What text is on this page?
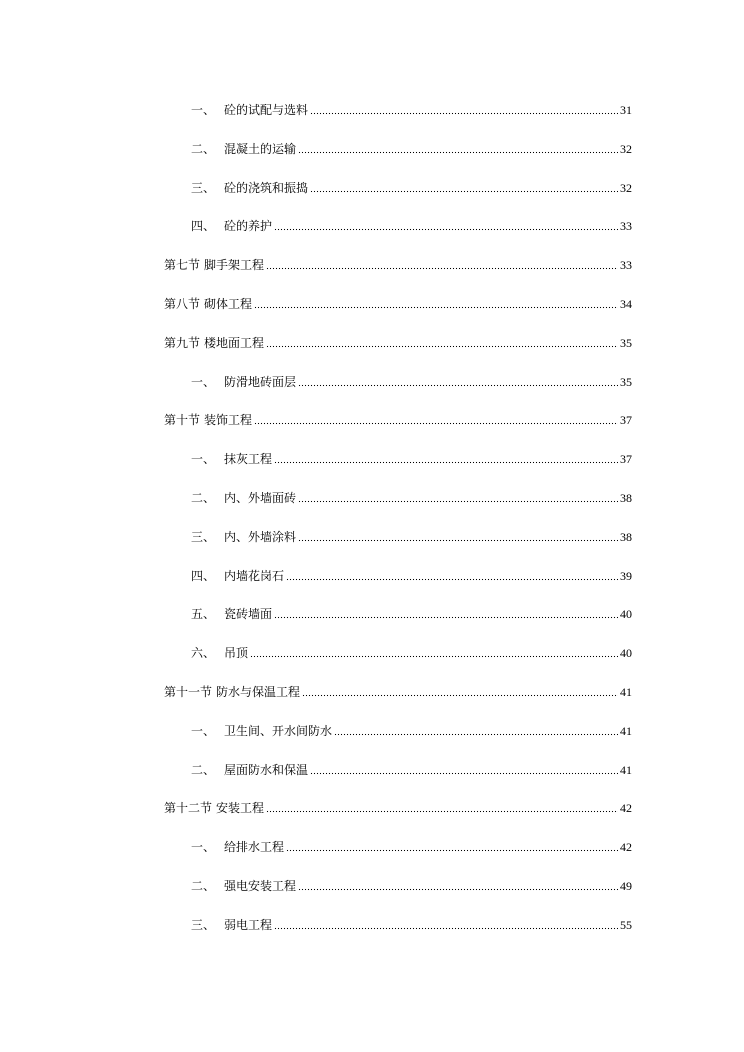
一、 砼的试配与选料	31
二、 混凝土的运输	32
三、 砼的浇筑和振捣	32
四、 砼的养护	33
第七节 脚手架工程	33
第八节 砌体工程	34
第九节 楼地面工程	35
一、 防滑地砖面层	35
第十节 装饰工程	37
一、 抹灰工程	37
二、 内、外墙面砖	38
三、 内、外墙涂料	38
四、 内墙花岗石	39
五、 瓷砖墙面	40
六、 吊顶	40
第十一节 防水与保温工程	41
一、 卫生间、开水间防水	41
二、 屋面防水和保温	41
第十二节 安装工程	42
一、 给排水工程	42
二、 强电安装工程	49
三、 弱电工程	55
